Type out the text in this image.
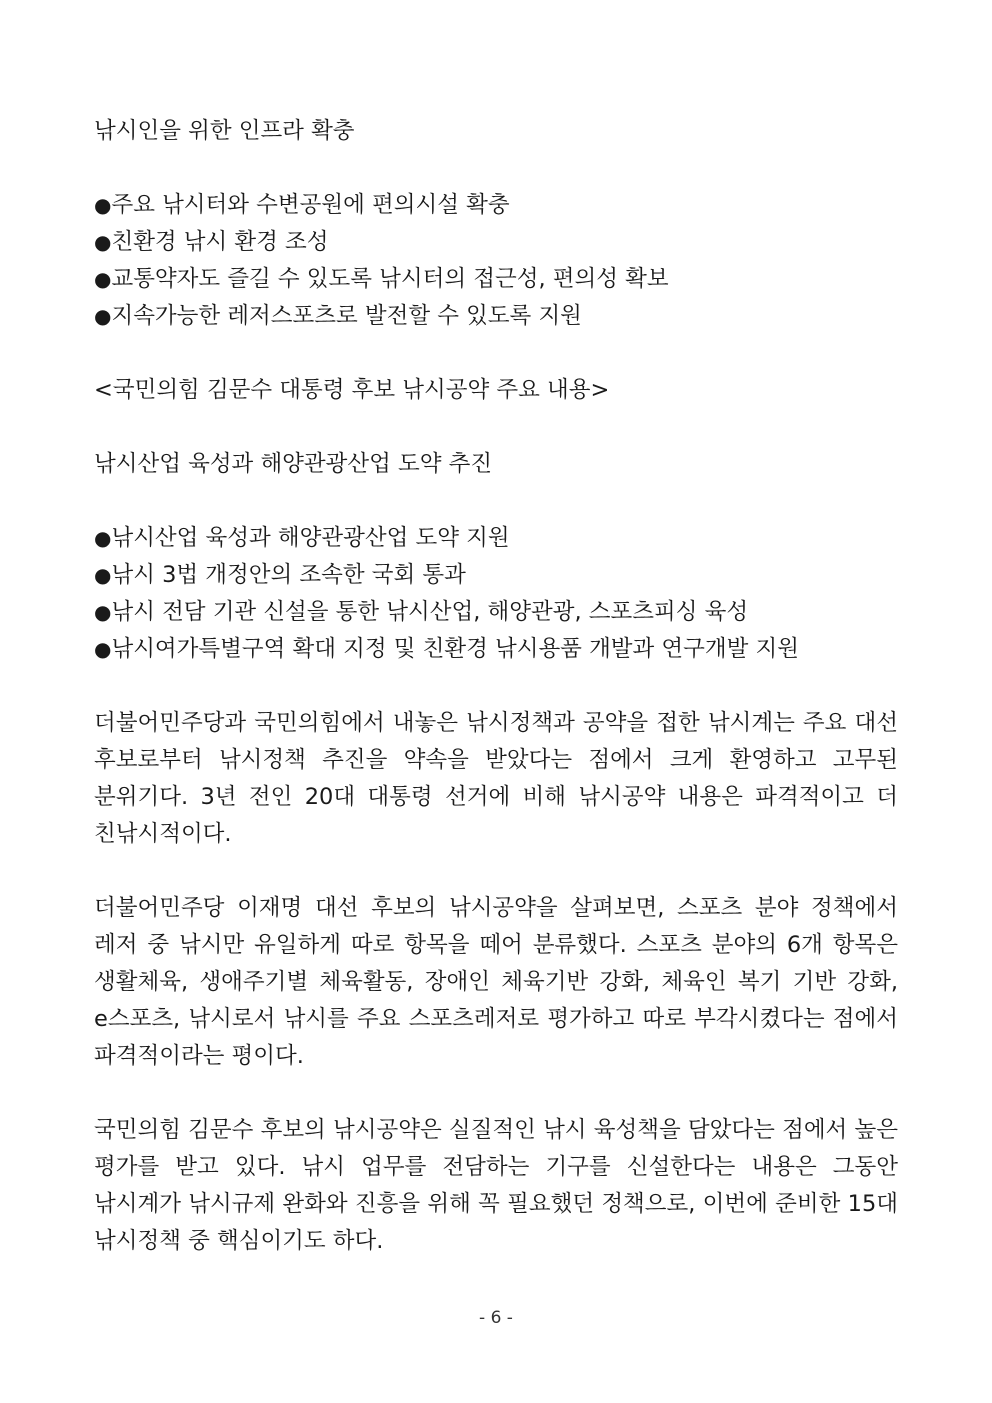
낚시인을 위한 인프라 확충
●주요 낚시터와 수변공원에 편의시설 확충
●친환경 낚시 환경 조성
●교통약자도 즐길 수 있도록 낚시터의 접근성, 편의성 확보
●지속가능한 레저스포츠로 발전할 수 있도록 지원
<국민의힘 김문수 대통령 후보 낚시공약 주요 내용>
낚시산업 육성과 해양관광산업 도약 추진
●낚시산업 육성과 해양관광산업 도약 지원
●낚시 3법 개정안의 조속한 국회 통과
●낚시 전담 기관 신설을 통한 낚시산업, 해양관광, 스포츠피싱 육성
●낚시여가특별구역 확대 지정 및 친환경 낚시용품 개발과 연구개발 지원

더불어민주당과 국민의힘에서 내놓은 낚시정책과 공약을 접한 낚시계는 주요 대선 후보로부터 낚시정책 추진을 약속을 받았다는 점에서 크게 환영하고 고무된 분위기다. 3년 전인 20대 대통령 선거에 비해 낚시공약 내용은 파격적이고 더 친낚시적이다.

더불어민주당 이재명 대선 후보의 낚시공약을 살펴보면, 스포츠 분야 정책에서 레저 중 낚시만 유일하게 따로 항목을 떼어 분류했다. 스포츠 분야의 6개 항목은 생활체육, 생애주기별 체육활동, 장애인 체육기반 강화, 체육인 복기 기반 강화, e스포츠, 낚시로서 낚시를 주요 스포츠레저로 평가하고 따로 부각시켰다는 점에서 파격적이라는 평이다.

국민의힘 김문수 후보의 낚시공약은 실질적인 낚시 육성책을 담았다는 점에서 높은 평가를 받고 있다. 낚시 업무를 전담하는 기구를 신설한다는 내용은 그동안 낚시계가 낚시규제 완화와 진흥을 위해 꼭 필요했던 정책으로, 이번에 준비한 15대 낚시정책 중 핵심이기도 하다.

- 6 -
